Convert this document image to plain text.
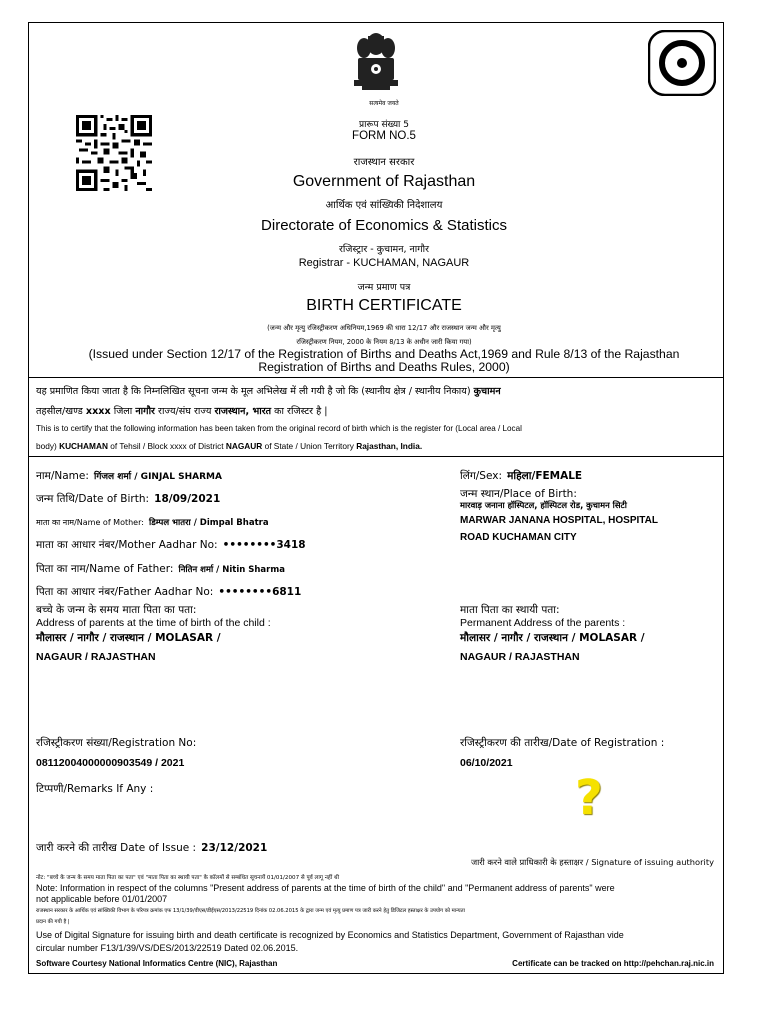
सत्यमेव जयते
प्रारूप संख्या 5
FORM NO.5
राजस्थान सरकार
Government of Rajasthan
आर्थिक एवं सांख्यिकी निदेशालय
Directorate of Economics & Statistics
रजिस्ट्रार - कुचामन, नागौर
Registrar - KUCHAMAN, NAGAUR
जन्म प्रमाण पत्र
BIRTH CERTIFICATE
(जन्म और मृत्यु रजिस्ट्रीकरण अधिनियम,1969 की धारा 12/17 और राजस्थान जन्म और मृत्यु
रजिस्ट्रीकरण नियम, 2000 के नियम 8/13 के अधीन जारी किया गया)
(Issued under Section 12/17 of the Registration of Births and Deaths Act,1969 and Rule 8/13 of the Rajasthan
Registration of Births and Deaths Rules, 2000)
यह प्रमाणित किया जाता है कि निम्नलिखित सूचना जन्म के मूल अभिलेख में ली गयी है जो कि (स्थानीय क्षेत्र / स्थानीय निकाय) कुचामन
तहसील/खण्ड xxxx जिला नागौर राज्य/संघ राज्य राजस्थान, भारत का रजिस्टर है |
This is to certify that the following information has been taken from the original record of birth which is the register for (Local area / Local
body) KUCHAMAN of Tehsil / Block xxxx of District NAGAUR of State / Union Territory Rajasthan, India.
नाम/Name: गिंजल शर्मा / GINJAL SHARMA
जन्म तिथि/Date of Birth: 18/09/2021
माता का नाम/Name of Mother: डिम्पल भातरा / Dimpal Bhatra
माता का आधार नंबर/Mother Aadhar No: ••••••••3418
पिता का नाम/Name of Father: नितिन शर्मा / Nitin Sharma
पिता का आधार नंबर/Father Aadhar No: ••••••••6811
बच्चे के जन्म के समय माता पिता का पता:
Address of parents at the time of birth of the child :
मौलासर / नागौर / राजस्थान / MOLASAR /
NAGAUR / RAJASTHAN
लिंग/Sex: महिला/FEMALE
जन्म स्थान/Place of Birth:
मारवाड़ जनाना हॉस्पिटल, हॉस्पिटल रोड, कुचामन सिटी
MARWAR JANANA HOSPITAL, HOSPITAL
ROAD KUCHAMAN CITY
माता पिता का स्थायी पता:
Permanent Address of the parents :
मौलासर / नागौर / राजस्थान / MOLASAR /
NAGAUR / RAJASTHAN
रजिस्ट्रीकरण संख्या/Registration No:
08112004000000903549 / 2021
रजिस्ट्रीकरण की तारीख/Date of Registration :
06/10/2021
टिप्पणी/Remarks If Any :	?
जारी करने की तारीख Date of Issue : 23/12/2021
जारी करने वाले प्राधिकारी के हस्ताक्षर / Signature of issuing authority
नोट: "बच्चे के जन्म के समय माता पिता का पता" एवं "माता पिता का स्थायी पता" के कॉलमों से सम्बंधित सूचनायें 01/01/2007 से पूर्व लागू नहीं थी
Note: Information in respect of the columns "Present address of parents at the time of birth of the child" and "Permanent address of parents" were
not applicable before 01/01/2007
राजस्थान सरकार के आर्थिक एवं सांख्यिकी विभाग के परिपत्र क्रमांक एफ 13/1/39/वीएस/डीईएस/2013/22519 दिनांक 02.06.2015 के द्वारा जन्म एवं मृत्यु प्रमाण पत्र जारी करने हेतु डिजिटल हस्ताक्षर के उपयोग को मान्यता
प्रदान की गयी है |
Use of Digital Signature for issuing birth and death certificate is recognized by Economics and Statistics Department, Government of Rajasthan vide
circular number F13/1/39/VS/DES/2013/22519 Dated 02.06.2015.
Software Courtesy National Informatics Centre (NIC), Rajasthan	Certificate can be tracked on http://pehchan.raj.nic.in
